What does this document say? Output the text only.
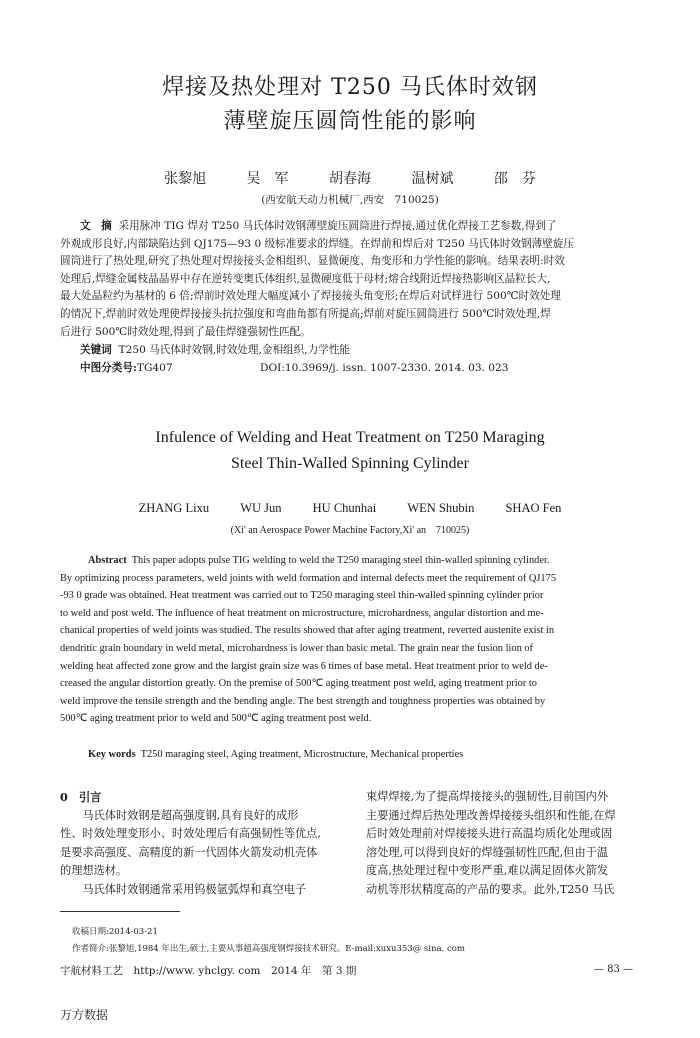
焊接及热处理对 T250 马氏体时效钢
薄壁旋压圆筒性能的影响
张黎旭	吴　军	胡春海	温树斌	邵　芬
(西安航天动力机械厂,西安　710025)
文　摘 采用脉冲 TIG 焊对 T250 马氏体时效钢薄壁旋压圆筒进行焊接,通过优化焊接工艺参数,得到了
外观成形良好,内部缺陷达到 QJ175—93 0 级标准要求的焊缝。在焊前和焊后对 T250 马氏体时效钢薄壁旋压
圆筒进行了热处理,研究了热处理对焊接接头金相组织、显微硬度、角变形和力学性能的影响。结果表明:时效
处理后,焊缝金属枝晶晶界中存在逆转变奥氏体组织,显微硬度低于母材;熔合线附近焊接热影响区晶粒长大,
最大处晶粒约为基材的 6 倍;焊前时效处理大幅度减小了焊接接头角变形;在焊后对试样进行 500℃时效处理
的情况下,焊前时效处理使焊接接头抗拉强度和弯曲角都有所提高;焊前对旋压圆筒进行 500℃时效处理,焊
后进行 500℃时效处理,得到了最佳焊缝强韧性匹配。
关键词 T250 马氏体时效钢,时效处理,金相组织,力学性能
中图分类号:TG407	DOI:10.3969/j. issn. 1007-2330. 2014. 03. 023
Infulence of Welding and Heat Treatment on T250 Maraging
Steel Thin-Walled Spinning Cylinder
ZHANG Lixu WU Jun HU Chunhai WEN Shubin SHAO Fen
(Xi' an Aerospace Power Machine Factory,Xi' an　710025)
Abstract This paper adopts pulse TIG welding to weld the T250 maraging steel thin-walled spinning cylinder.
By optimizing process parameters, weld joints with weld formation and internal defects meet the requirement of QJ175
-93 0 grade was obtained. Heat treatment was carried out to T250 maraging steel thin-walled spinning cylinder prior
to weld and post weld. The influence of heat treatment on microstructure, microhardness, angular distortion and me-
chanical properties of weld joints was studied. The results showed that after aging treatment, reverted austenite exist in
dendritic grain boundary in weld metal, microhardness is lower than basic metal. The grain near the fusion lion of
welding heat affected zone grow and the largist grain size was 6 times of base metal. Heat treatment prior to weld de-
creased the angular distortion greatly. On the premise of 500℃ aging treatment post weld, aging treatment prior to
weld improve the tensile strength and the bending angle. The best strength and toughness properties was obtained by
500℃ aging treatment prior to weld and 500℃ aging treatment post weld.
Key words T250 maraging steel, Aging treatment, Microstructure, Mechanical properties
0　引言
　　马氏体时效钢是超高强度钢,具有良好的成形
性、时效处理变形小、时效处理后有高强韧性等优点,
是要求高强度、高精度的新一代固体火箭发动机壳体
的理想选材。
　　马氏体时效钢通常采用钨极氩弧焊和真空电子
束焊焊接,为了提高焊接接头的强韧性,目前国内外
主要通过焊后热处理改善焊接接头组织和性能,在焊
后时效处理前对焊接接头进行高温均质化处理或固
溶处理,可以得到良好的焊缝强韧性匹配,但由于温
度高,热处理过程中变形严重,难以满足固体火箭发
动机等形状精度高的产品的要求。此外,T250 马氏
收稿日期:2014-03-21
作者简介:张黎旭,1984 年出生,硕士,主要从事超高强度钢焊接技术研究。E-mail:xuxu353@ sina. com
宇航材料工艺　http://www. yhclgy. com　2014 年　第 3 期	— 83 —
万方数据
